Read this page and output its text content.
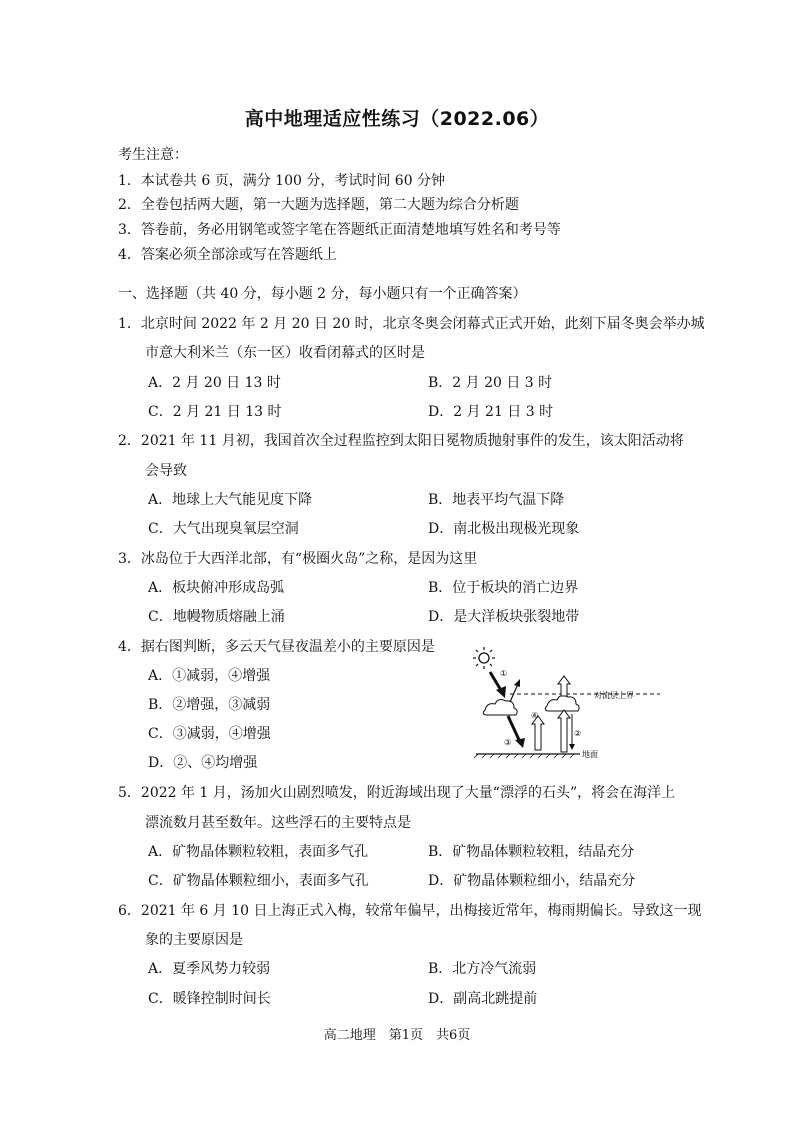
高中地理适应性练习（2022.06）
考生注意：
1．本试卷共 6 页，满分 100 分，考试时间 60 分钟
2．全卷包括两大题，第一大题为选择题，第二大题为综合分析题
3．答卷前，务必用钢笔或签字笔在答题纸正面清楚地填写姓名和考号等
4．答案必须全部涂或写在答题纸上
一、选择题（共 40 分，每小题 2 分，每小题只有一个正确答案）
1．北京时间 2022 年 2 月 20 日 20 时，北京冬奥会闭幕式正式开始，此刻下届冬奥会举办城
市意大利米兰（东一区）收看闭幕式的区时是
A．2 月 20 日 13 时	B．2 月 20 日 3 时
C．2 月 21 日 13 时	D．2 月 21 日 3 时
2．2021 年 11 月初，我国首次全过程监控到太阳日冕物质抛射事件的发生，该太阳活动将
会导致
A．地球上大气能见度下降	B．地表平均气温下降
C．大气出现臭氧层空洞	D．南北极出现极光现象
3．冰岛位于大西洋北部，有“极圈火岛”之称，是因为这里
A．板块俯冲形成岛弧	B．位于板块的消亡边界
C．地幔物质熔融上涌	D．是大洋板块张裂地带
4．据右图判断，多云天气昼夜温差小的主要原因是
A．①减弱，④增强
B．②增强，③减弱
C．③减弱，④增强
D．②、④均增强
对流层上界
①
③
④
②
地面
5．2022 年 1 月，汤加火山剧烈喷发，附近海域出现了大量“漂浮的石头”，将会在海洋上
漂流数月甚至数年。这些浮石的主要特点是
A．矿物晶体颗粒较粗，表面多气孔	B．矿物晶体颗粒较粗，结晶充分
C．矿物晶体颗粒细小，表面多气孔	D．矿物晶体颗粒细小，结晶充分
6．2021 年 6 月 10 日上海正式入梅，较常年偏早，出梅接近常年，梅雨期偏长。导致这一现
象的主要原因是
A．夏季风势力较弱	B．北方冷气流弱
C．暖锋控制时间长	D．副高北跳提前
高二地理　第1页　共6页
